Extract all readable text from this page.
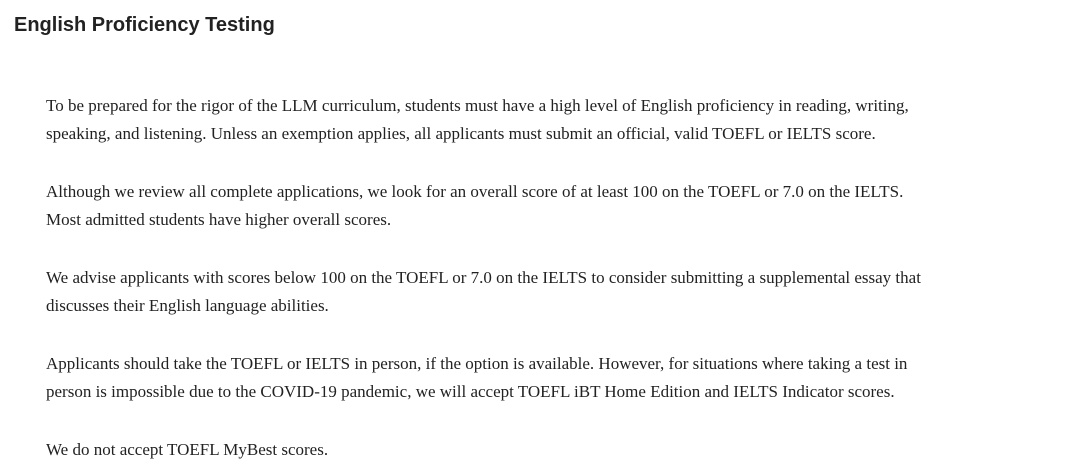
English Proficiency Testing

To be prepared for the rigor of the LLM curriculum, students must have a high level of English proficiency in reading, writing,
speaking, and listening. Unless an exemption applies, all applicants must submit an official, valid TOEFL or IELTS score.

Although we review all complete applications, we look for an overall score of at least 100 on the TOEFL or 7.0 on the IELTS.
Most admitted students have higher overall scores.

We advise applicants with scores below 100 on the TOEFL or 7.0 on the IELTS to consider submitting a supplemental essay that
discusses their English language abilities.

Applicants should take the TOEFL or IELTS in person, if the option is available. However, for situations where taking a test in
person is impossible due to the COVID-19 pandemic, we will accept TOEFL iBT Home Edition and IELTS Indicator scores.

We do not accept TOEFL MyBest scores.
